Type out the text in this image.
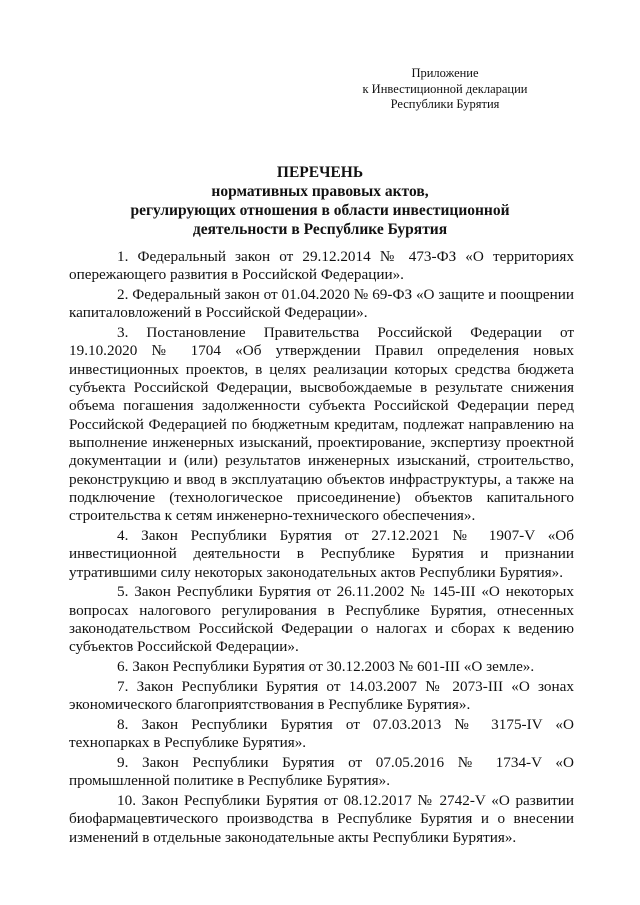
Приложение
к Инвестиционной декларации
Республики Бурятия
ПЕРЕЧЕНЬ
нормативных правовых актов,
регулирующих отношения в области инвестиционной
деятельности в Республике Бурятия

1. Федеральный закон от 29.12.2014 № 473-ФЗ «О территориях опережающего развития в Российской Федерации».

2. Федеральный закон от 01.04.2020 № 69-ФЗ «О защите и поощрении капиталовложений в Российской Федерации».

3. Постановление Правительства Российской Федерации от 19.10.2020 № 1704 «Об утверждении Правил определения новых инвестиционных проектов, в целях реализации которых средства бюджета субъекта Российской Федерации, высвобождаемые в результате снижения объема погашения задолженности субъекта Российской Федерации перед Российской Федерацией по бюджетным кредитам, подлежат направлению на выполнение инженерных изысканий, проектирование, экспертизу проектной документации и (или) результатов инженерных изысканий, строительство, реконструкцию и ввод в эксплуатацию объектов инфраструктуры, а также на подключение (технологическое присоединение) объектов капитального строительства к сетям инженерно-технического обеспечения».

4. Закон Республики Бурятия от 27.12.2021 № 1907-V «Об инвестиционной деятельности в Республике Бурятия и признании утратившими силу некоторых законодательных актов Республики Бурятия».

5. Закон Республики Бурятия от 26.11.2002 № 145-III «О некоторых вопросах налогового регулирования в Республике Бурятия, отнесенных законодательством Российской Федерации о налогах и сборах к ведению субъектов Российской Федерации».

6. Закон Республики Бурятия от 30.12.2003 № 601-III «О земле».

7. Закон Республики Бурятия от 14.03.2007 № 2073-III «О зонах экономического благоприятствования в Республике Бурятия».

8. Закон Республики Бурятия от 07.03.2013 № 3175-IV «О технопарках в Республике Бурятия».

9. Закон Республики Бурятия от 07.05.2016 № 1734-V «О промышленной политике в Республике Бурятия».

10. Закон Республики Бурятия от 08.12.2017 № 2742-V «О развитии биофармацевтического производства в Республике Бурятия и о внесении изменений в отдельные законодательные акты Республики Бурятия».
